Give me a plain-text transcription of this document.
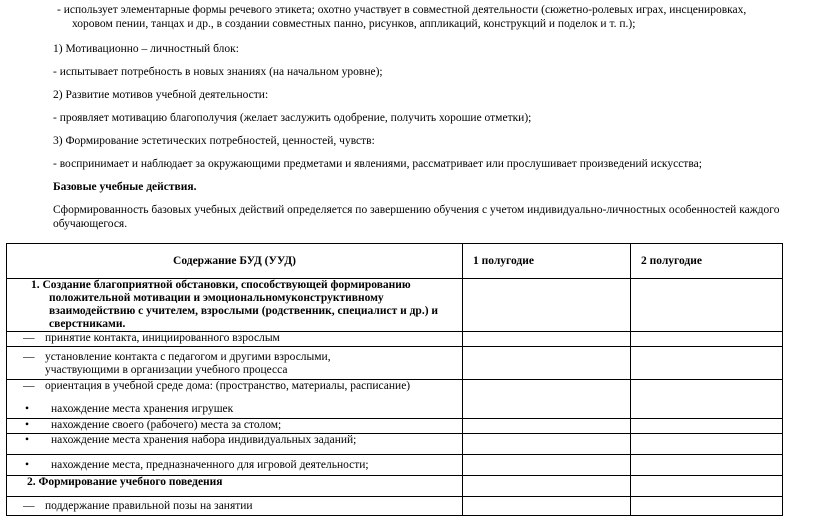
- использует элементарные формы речевого этикета; охотно участвует в совместной деятельности (сюжетно-ролевых играх, инсценировках, хоровом пении, танцах и др., в создании совместных панно, рисунков, аппликаций, конструкций и поделок и т. п.);

1) Мотивационно – личностный блок:

- испытывает потребность в новых знаниях (на начальном уровне);

2) Развитие мотивов учебной деятельности:

- проявляет мотивацию благополучия (желает заслужить одобрение, получить хорошие отметки);

3) Формирование эстетических потребностей, ценностей, чувств:

- воспринимает и наблюдает за окружающими предметами и явлениями, рассматривает или прослушивает произведений искусства;

Базовые учебные действия.

Сформированность базовых учебных действий определяется по завершению обучения с учетом индивидуально-личностных особенностей каждого обучающегося.

Содержание БУД (УУД)	1 полугодие	2 полугодие

1. Создание благоприятной обстановки, способствующей формированию положительной мотивации и эмоциональномуконструктивному взаимодействию с учителем, взрослыми (родственник, специалист и др.) и сверстниками.		

— принятие контакта, инициированного взрослым		
— установление контакта с педагогом и другими взрослыми,
участвующими в организации учебного процесса		
— ориентация в учебной среде дома: (пространство, материалы, расписание)
• нахождение места хранения игрушек		

• нахождение своего (рабочего) места за столом;		
• нахождение места хранения набора индивидуальных заданий;		
• нахождение места, предназначенного для игровой деятельности;		
2. Формирование учебного поведения		
— поддержание правильной позы на занятии		
